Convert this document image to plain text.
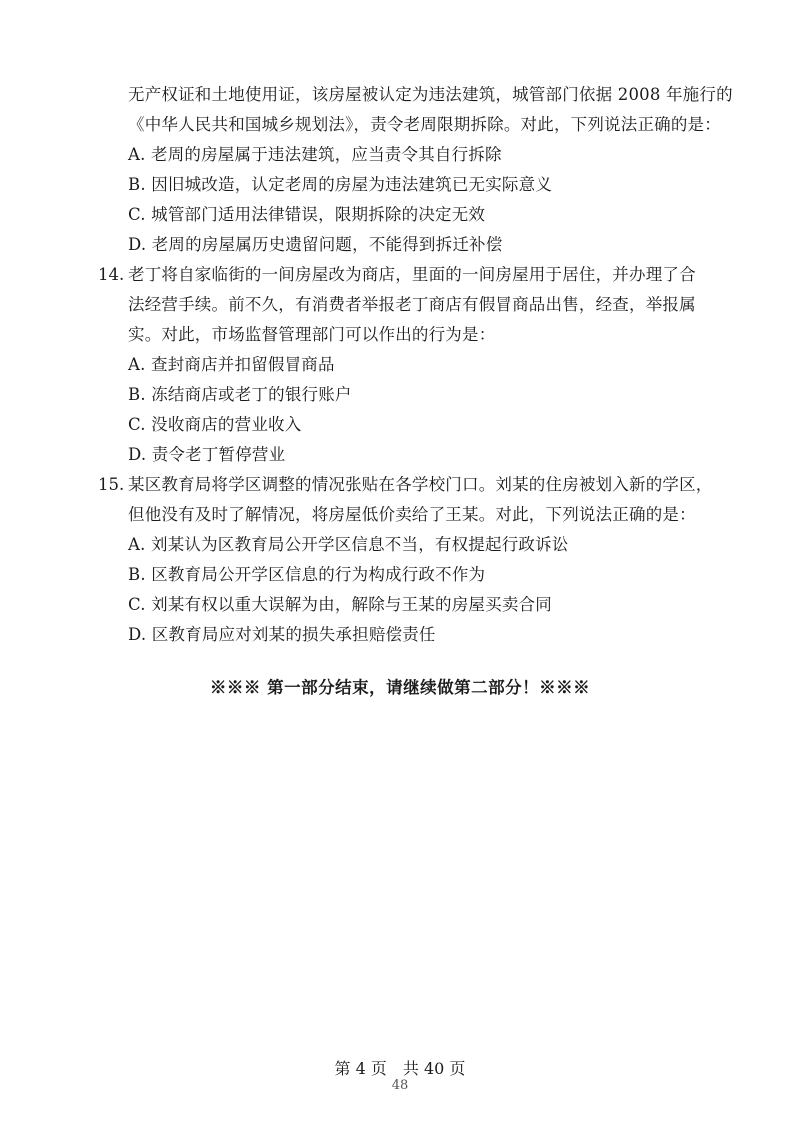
无产权证和土地使用证，该房屋被认定为违法建筑，城管部门依据 2008 年施行的
《中华人民共和国城乡规划法》，责令老周限期拆除。对此，下列说法正确的是：
A. 老周的房屋属于违法建筑，应当责令其自行拆除
B. 因旧城改造，认定老周的房屋为违法建筑已无实际意义
C. 城管部门适用法律错误，限期拆除的决定无效
D. 老周的房屋属历史遗留问题，不能得到拆迁补偿
14. 老丁将自家临街的一间房屋改为商店，里面的一间房屋用于居住，并办理了合
法经营手续。前不久，有消费者举报老丁商店有假冒商品出售，经查，举报属
实。对此，市场监督管理部门可以作出的行为是：
A. 查封商店并扣留假冒商品
B. 冻结商店或老丁的银行账户
C. 没收商店的营业收入
D. 责令老丁暂停营业
15. 某区教育局将学区调整的情况张贴在各学校门口。刘某的住房被划入新的学区，
但他没有及时了解情况，将房屋低价卖给了王某。对此，下列说法正确的是：
A. 刘某认为区教育局公开学区信息不当，有权提起行政诉讼
B. 区教育局公开学区信息的行为构成行政不作为
C. 刘某有权以重大误解为由，解除与王某的房屋买卖合同
D. 区教育局应对刘某的损失承担赔偿责任
※※※ 第一部分结束，请继续做第二部分！※※※
第 4 页　共 40 页
48
